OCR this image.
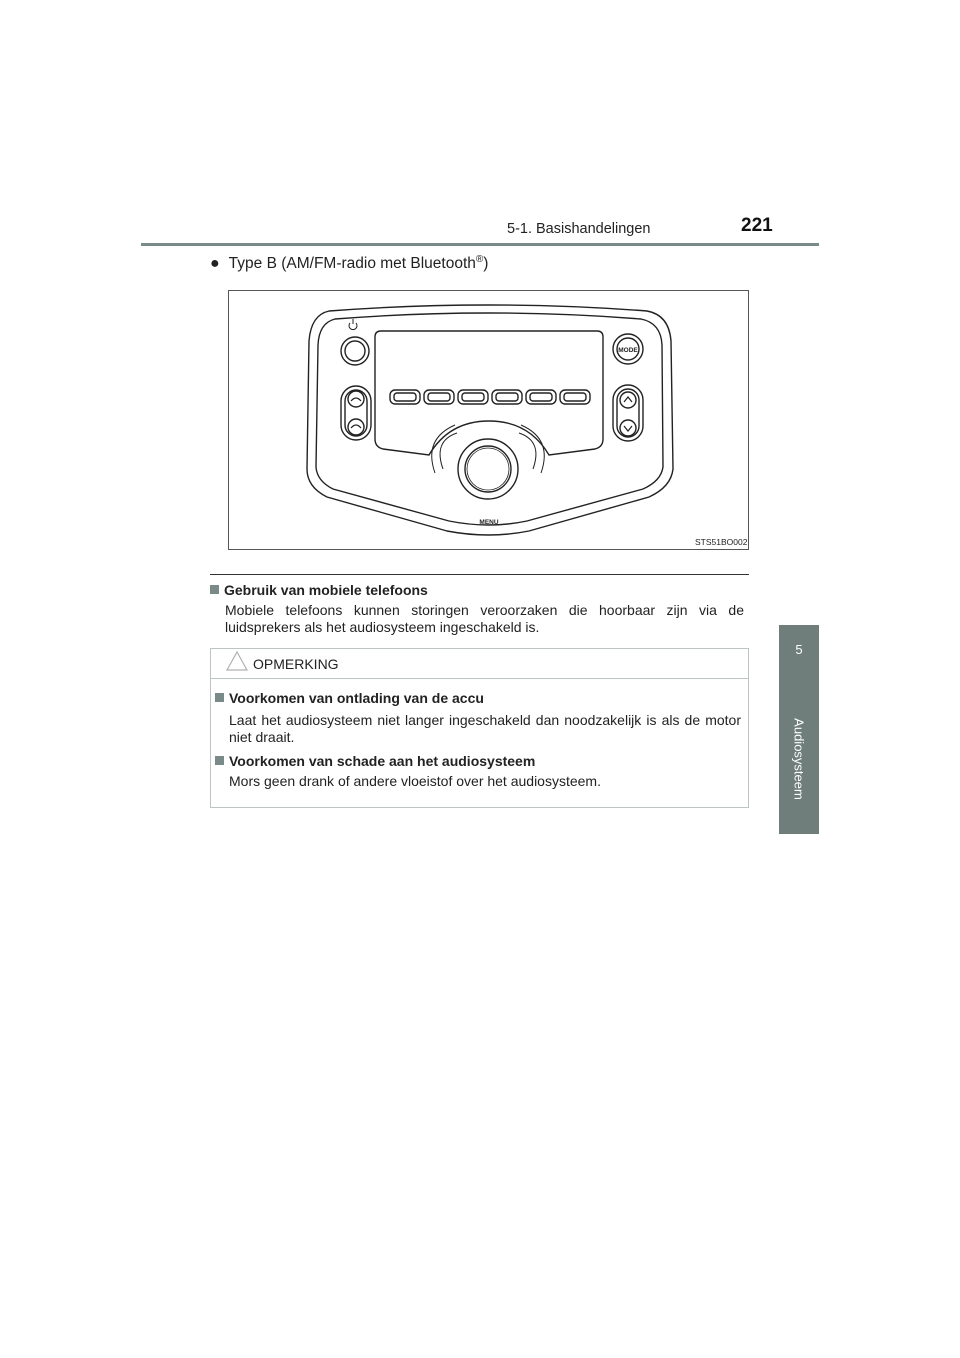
5-1. Basishandelingen	221
5
Audiosysteem
● Type B (AM/FM-radio met Bluetooth®)
MODE
MENU
STS51BO002
Gebruik van mobiele telefoons
Mobiele telefoons kunnen storingen veroorzaken die hoorbaar zijn via de luidsprekers als het audiosysteem ingeschakeld is.
OPMERKING
Voorkomen van ontlading van de accu
Laat het audiosysteem niet langer ingeschakeld dan noodzakelijk is als de motor niet draait.
Voorkomen van schade aan het audiosysteem
Mors geen drank of andere vloeistof over het audiosysteem.
